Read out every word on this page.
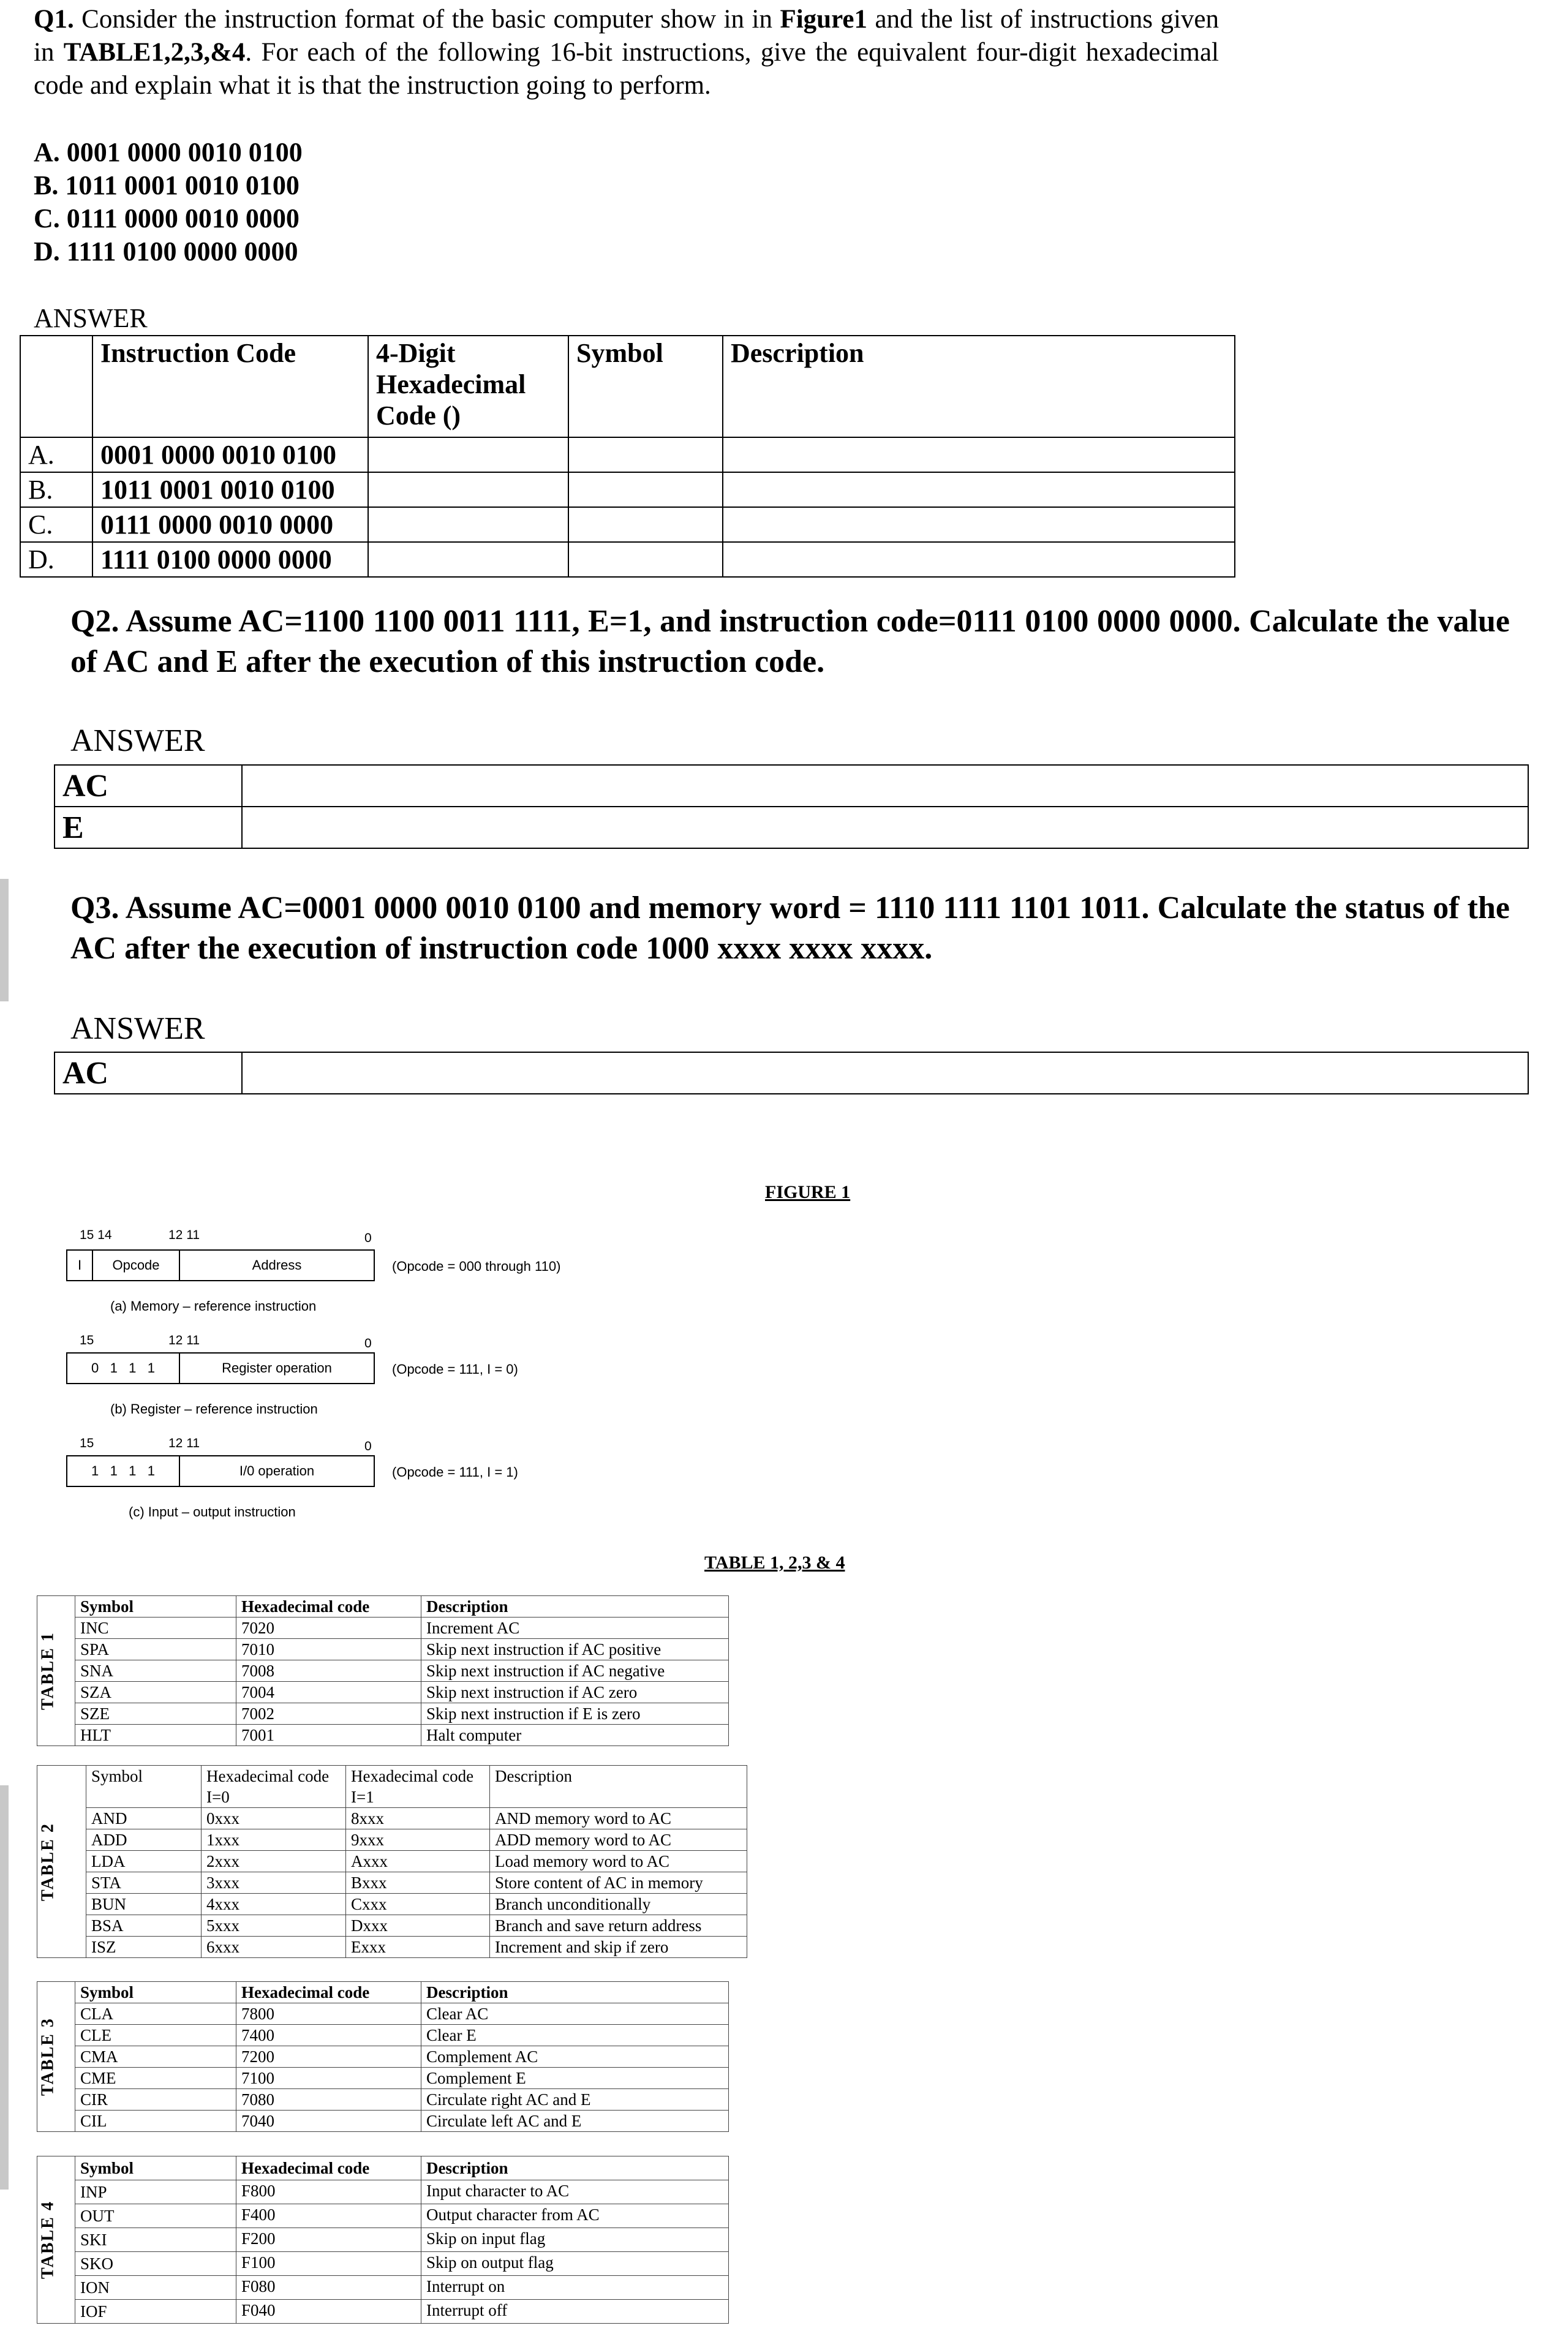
Q1. Consider the instruction format of the basic computer show in in Figure1 and the list of instructions given in TABLE1,2,3,&4. For each of the following 16-bit instructions, give the equivalent four-digit hexadecimal code and explain what it is that the instruction going to perform.

A. 0001 0000 0010 0100
B. 1011 0001 0010 0100
C. 0111 0000 0010 0000
D. 1111 0100 0000 0000
ANSWER
	Instruction Code	4-Digit Hexadecimal Code ()	Symbol	Description
A.	0001 0000 0010 0100			
B.	1011 0001 0010 0100			
C.	0111 0000 0010 0000			
D.	1111 0100 0000 0000			
Q2. Assume AC=1100 1100 0011 1111, E=1, and instruction code=0111 0100 0000 0000. Calculate the value of AC and E after the execution of this instruction code.
ANSWER
AC	
E	
Q3. Assume AC=0001 0000 0010 0100 and memory word = 1110 1111 1101 1011. Calculate the status of the AC after the execution of instruction code 1000 xxxx xxxx xxxx.
ANSWER
AC	
FIGURE 1
15 14	12 11	0
I	Opcode	Address	(Opcode = 000 through 110)
(a) Memory – reference instruction
15	12 11	0
0   1   1   1	Register operation	(Opcode = 111, I = 0)
(b) Register – reference instruction
15	12 11	0
1   1   1   1	I/0 operation	(Opcode = 111, I = 1)
(c) Input – output instruction
TABLE 1, 2,3 & 4
TABLE 1	Symbol	Hexadecimal code	Description
	INC	7020	Increment AC
	SPA	7010	Skip next instruction if AC positive
	SNA	7008	Skip next instruction if AC negative
	SZA	7004	Skip next instruction if AC zero
	SZE	7002	Skip next instruction if E is zero
	HLT	7001	Halt computer
TABLE 2	Symbol	Hexadecimal code I=0	Hexadecimal code I=1	Description
	AND	0xxx	8xxx	AND memory word to AC
	ADD	1xxx	9xxx	ADD memory word to AC
	LDA	2xxx	Axxx	Load memory word to AC
	STA	3xxx	Bxxx	Store content of AC in memory
	BUN	4xxx	Cxxx	Branch unconditionally
	BSA	5xxx	Dxxx	Branch and save return address
	ISZ	6xxx	Exxx	Increment and skip if zero
TABLE 3	Symbol	Hexadecimal code	Description
	CLA	7800	Clear AC
	CLE	7400	Clear E
	CMA	7200	Complement AC
	CME	7100	Complement E
	CIR	7080	Circulate right AC and E
	CIL	7040	Circulate left AC and E
TABLE 4	Symbol	Hexadecimal code	Description
	INP	F800	Input character to AC
	OUT	F400	Output character from AC
	SKI	F200	Skip on input flag
	SKO	F100	Skip on output flag
	ION	F080	Interrupt on
	IOF	F040	Interrupt off
